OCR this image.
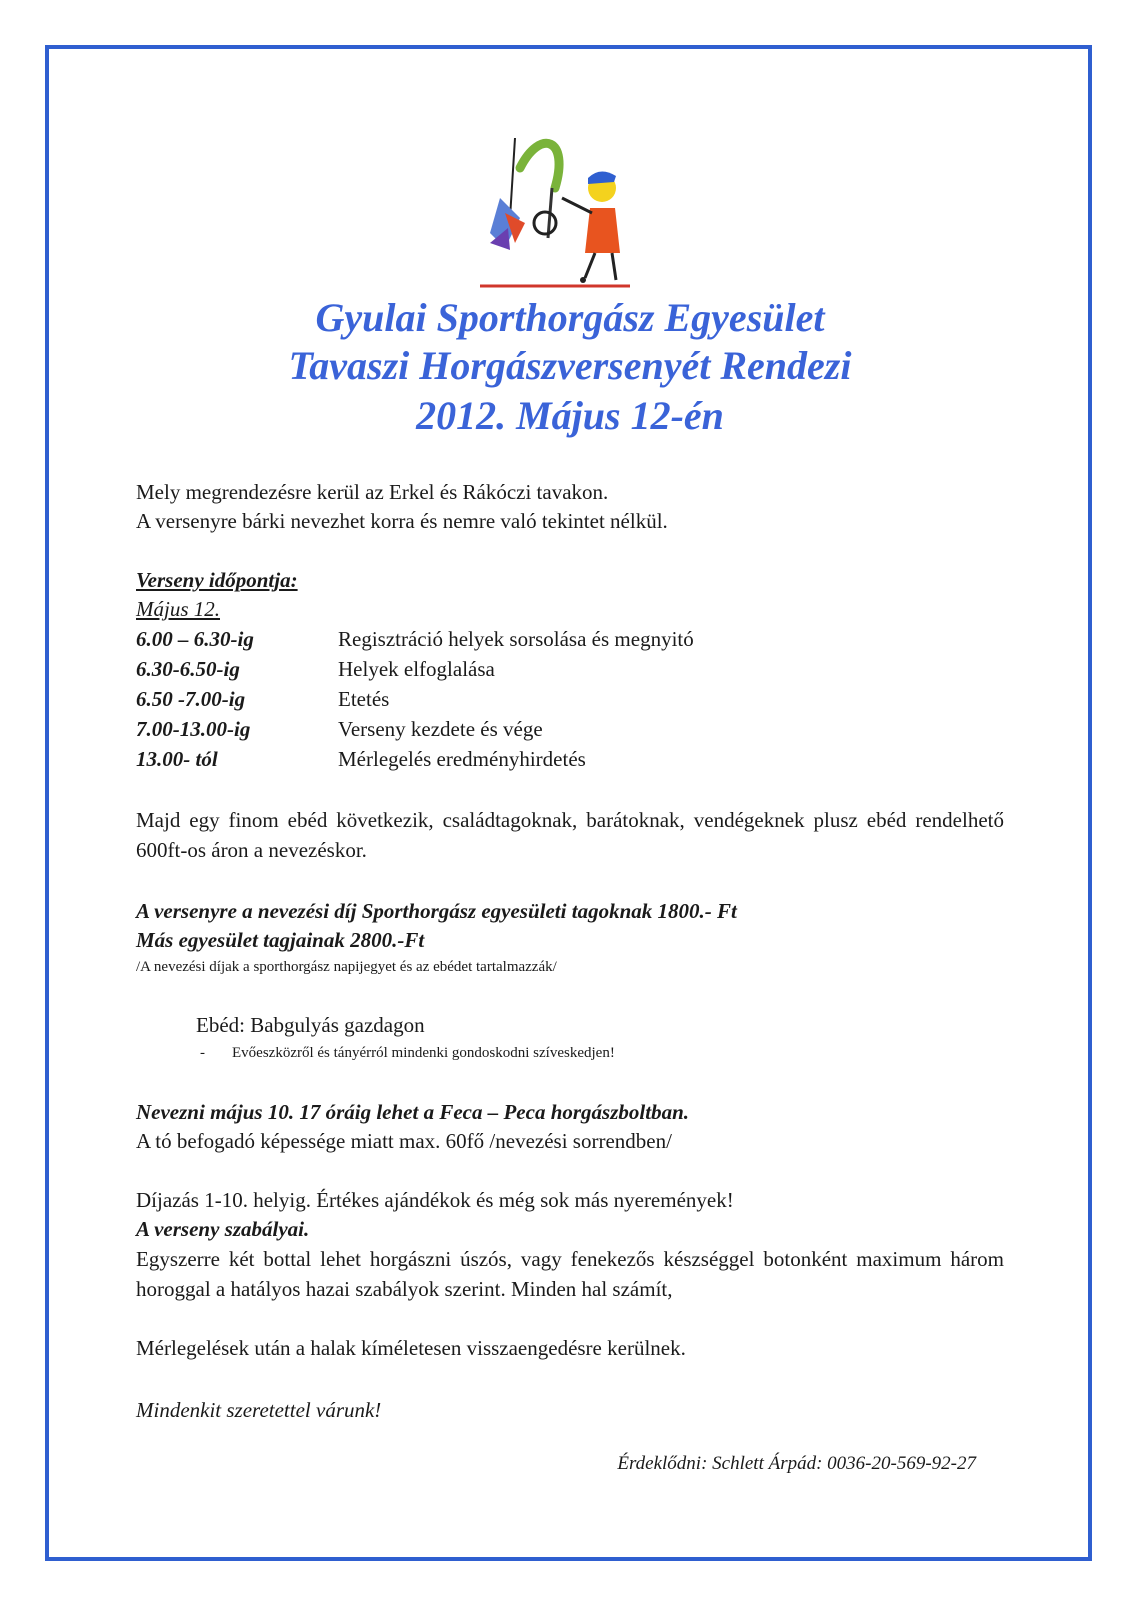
Gyulai Sporthorgász Egyesület
Tavaszi Horgászversenyét Rendezi
2012. Május 12-én
Mely megrendezésre kerül az Erkel és Rákóczi tavakon.
A versenyre bárki nevezhet korra és nemre való tekintet nélkül.
Verseny időpontja:
Május 12.
6.00 – 6.30-ig	Regisztráció helyek sorsolása és megnyitó
6.30-6.50-ig	Helyek elfoglalása
6.50 -7.00-ig	Etetés
7.00-13.00-ig	Verseny kezdete és vége
13.00- tól	Mérlegelés eredményhirdetés
Majd egy finom ebéd következik, családtagoknak, barátoknak, vendégeknek plusz ebéd rendelhető 600ft-os áron a nevezéskor.
A versenyre a nevezési díj Sporthorgász egyesületi tagoknak 1800.- Ft
Más egyesület tagjainak 2800.-Ft
/A nevezési díjak a sporthorgász napijegyet és az ebédet tartalmazzák/
Ebéd: Babgulyás gazdagon
- Evőeszközről és tányérról mindenki gondoskodni szíveskedjen!
Nevezni május 10. 17 óráig lehet a Feca – Peca horgászboltban.
A tó befogadó képessége miatt max. 60fő /nevezési sorrendben/
Díjazás 1-10. helyig. Értékes ajándékok és még sok más nyeremények!
A verseny szabályai.
Egyszerre két bottal lehet horgászni úszós, vagy fenekezős készséggel botonként maximum három horoggal a hatályos hazai szabályok szerint. Minden hal számít,
Mérlegelések után a halak kíméletesen visszaengedésre kerülnek.
Mindenkit szeretettel várunk!
Érdeklődni: Schlett Árpád: 0036-20-569-92-27
